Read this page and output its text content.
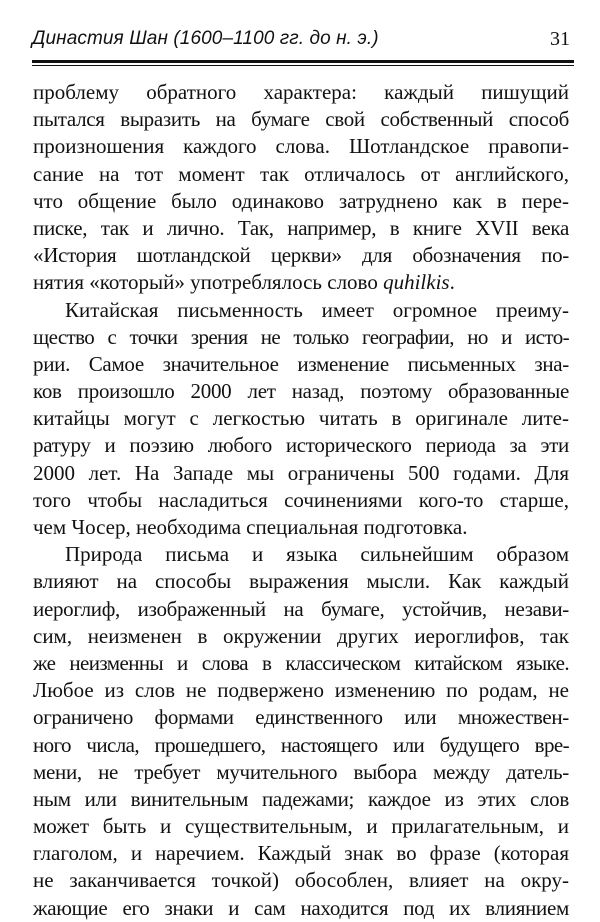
Династия Шан (1600–1100 гг. до н. э.)	31

проблему обратного характера: каждый пишущий
пытался выразить на бумаге свой собственный способ
произношения каждого слова. Шотландское правопи-
сание на тот момент так отличалось от английского,
что общение было одинаково затруднено как в пере-
писке, так и лично. Так, например, в книге XVII века
«История шотландской церкви» для обозначения по-
нятия «который» употреблялось слово quhilkis.

Китайская письменность имеет огромное преиму-
щество с точки зрения не только географии, но и исто-
рии. Самое значительное изменение письменных зна-
ков произошло 2000 лет назад, поэтому образованные
китайцы могут с легкостью читать в оригинале лите-
ратуру и поэзию любого исторического периода за эти
2000 лет. На Западе мы ограничены 500 годами. Для
того чтобы насладиться сочинениями кого-то старше,
чем Чосер, необходима специальная подготовка.

Природа письма и языка сильнейшим образом
влияют на способы выражения мысли. Как каждый
иероглиф, изображенный на бумаге, устойчив, незави-
сим, неизменен в окружении других иероглифов, так
же неизменны и слова в классическом китайском языке.
Любое из слов не подвержено изменению по родам, не
ограничено формами единственного или множествен-
ного числа, прошедшего, настоящего или будущего вре-
мени, не требует мучительного выбора между датель-
ным или винительным падежами; каждое из этих слов
может быть и существительным, и прилагательным, и
глаголом, и наречием. Каждый знак во фразе (которая
не заканчивается точкой) обособлен, влияет на окру-
жающие его знаки и сам находится под их влиянием
